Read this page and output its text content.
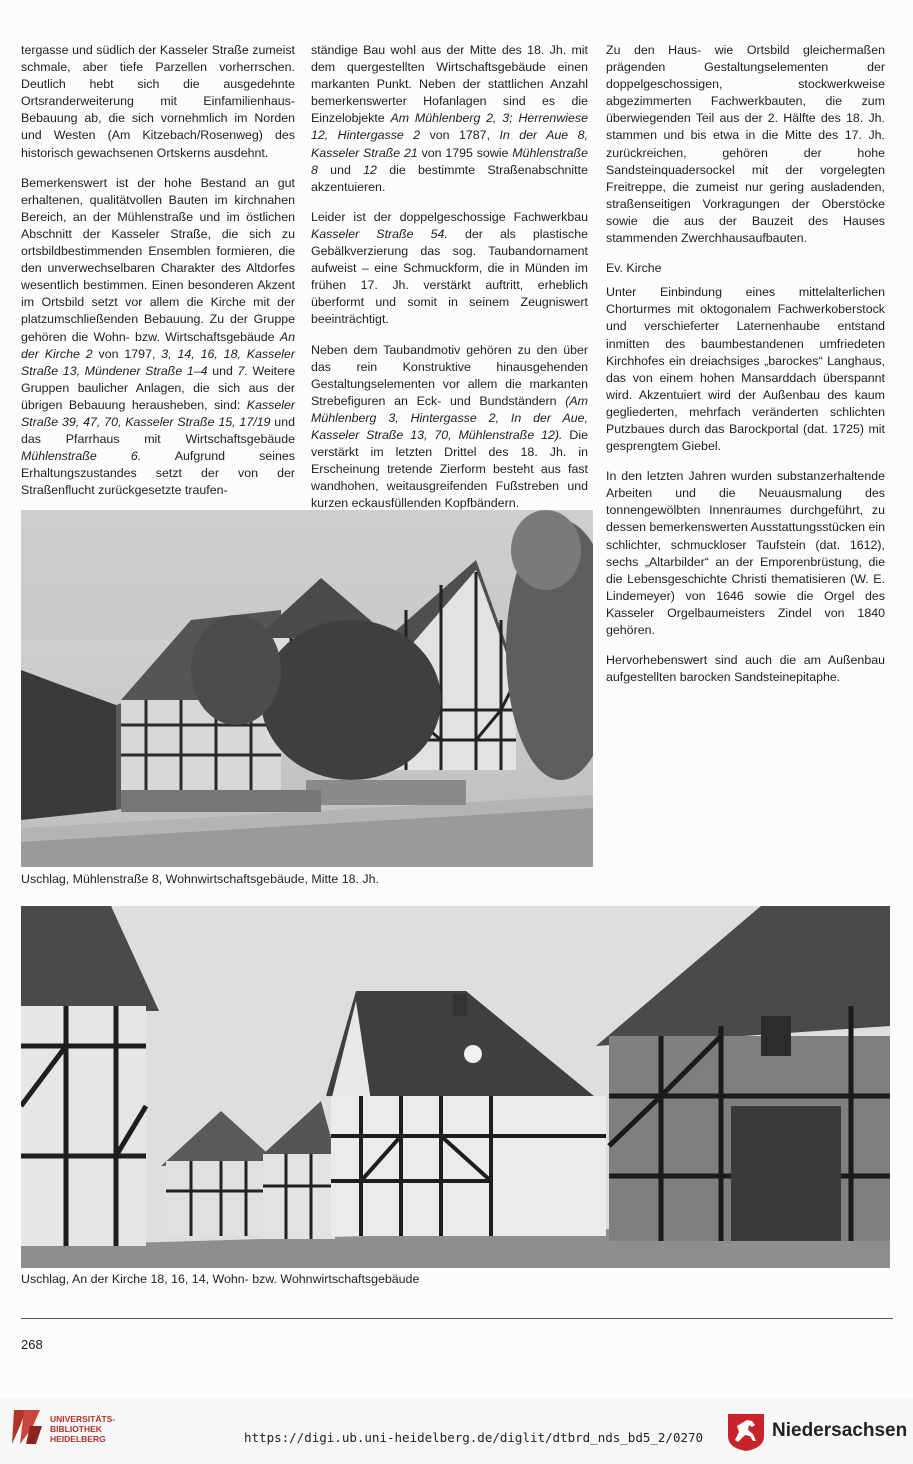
tergasse und südlich der Kasseler Straße zumeist schmale, aber tiefe Parzellen vorherrschen. Deutlich hebt sich die ausgedehnte Ortsranderweiterung mit Einfamilienhaus-Bebauung ab, die sich vornehmlich im Norden und Westen (Am Kitzebach/Rosenweg) des historisch gewachsenen Ortskerns ausdehnt.

Bemerkenswert ist der hohe Bestand an gut erhaltenen, qualitätvollen Bauten im kirchnahen Bereich, an der Mühlenstraße und im östlichen Abschnitt der Kasseler Straße, die sich zu ortsbildbestimmenden Ensemblen formieren, die den unverwechselbaren Charakter des Altdorfes wesentlich bestimmen. Einen besonderen Akzent im Ortsbild setzt vor allem die Kirche mit der platzumschließenden Bebauung. Zu der Gruppe gehören die Wohn- bzw. Wirtschaftsgebäude An der Kirche 2 von 1797, 3, 14, 16, 18, Kasseler Straße 13, Mündener Straße 1–4 und 7. Weitere Gruppen baulicher Anlagen, die sich aus der übrigen Bebauung herausheben, sind: Kasseler Straße 39, 47, 70, Kasseler Straße 15, 17/19 und das Pfarrhaus mit Wirtschaftsgebäude Mühlenstraße 6.	Aufgrund seines Erhaltungszustandes setzt der von der Straßenflucht zurückgesetzte traufen-

ständige Bau wohl aus der Mitte des 18. Jh. mit dem quergestellten Wirtschaftsgebäude einen markanten Punkt. Neben der stattlichen Anzahl bemerkenswerter Hofanlagen sind es die Einzelobjekte Am Mühlenberg 2, 3; Herrenwiese 12, Hintergasse 2 von 1787, In der Aue 8, Kasseler Straße 21 von 1795 sowie Mühlenstraße 8 und 12 die bestimmte Straßenabschnitte akzentuieren.

Leider ist der doppelgeschossige Fachwerkbau Kasseler Straße 54. der als plastische Gebälkverzierung das sog. Taubandornament aufweist – eine Schmuckform, die in Münden im frühen 17. Jh. verstärkt auftritt, erheblich überformt und somit in seinem Zeugniswert beeinträchtigt.

Neben dem Taubandmotiv gehören zu den über das rein Konstruktive hinausgehenden Gestaltungselementen vor allem die markanten Strebefiguren an Eck- und Bundständern (Am Mühlenberg 3, Hintergasse 2, In der Aue, Kasseler Straße 13, 70, Mühlenstraße 12). Die verstärkt im letzten Drittel des 18. Jh. in Erscheinung tretende Zierform besteht aus fast wandhohen, weitausgreifenden Fußstreben und kurzen eckausfüllenden Kopfbändern.

Zu den Haus- wie Ortsbild gleichermaßen prägenden Gestaltungselementen der doppelgeschossigen, stockwerkweise abgezimmerten Fachwerkbauten, die zum überwiegenden Teil aus der 2. Hälfte des 18. Jh. stammen und bis etwa in die Mitte des 17. Jh. zurückreichen, gehören der hohe Sandsteinquadersockel mit der vorgelegten Freitreppe, die zumeist nur gering ausladenden, straßenseitigen Vorkragungen der Oberstöcke sowie die aus der Bauzeit des Hauses stammenden Zwerchhausaufbauten.

Ev. Kirche

Unter Einbindung eines mittelalterlichen Chorturmes mit oktogonalem Fachwerkoberstock und verschieferter Laternenhaube entstand inmitten des baumbestandenen umfriedeten Kirchhofes ein dreiachsiges „barockes“ Langhaus, das von einem hohen Mansarddach überspannt wird. Akzentuiert wird der Außenbau des kaum gegliederten, mehrfach veränderten schlichten Putzbaues durch das Barockportal (dat. 1725) mit gesprengtem Giebel.

In den letzten Jahren wurden substanzerhaltende Arbeiten und die Neuausmalung des tonnengewölbten Innenraumes durchgeführt, zu dessen bemerkenswerten Ausstattungsstücken ein schlichter, schmuckloser Taufstein (dat. 1612), sechs „Altarbilder“ an der Emporenbrüstung, die die Lebensgeschichte Christi thematisieren (W. E. Lindemeyer) von 1646 sowie die Orgel des Kasseler Orgelbaumeisters Zindel von 1840 gehören.

Hervorhebenswert sind auch die am Außenbau aufgestellten barocken Sandsteinepitaphe.

Uschlag, Mühlenstraße 8, Wohnwirtschaftsgebäude, Mitte 18. Jh.
Uschlag, An der Kirche 18, 16, 14, Wohn- bzw. Wohnwirtschaftsgebäude
268
UNIVERSITÄTS-
BIBLIOTHEK
HEIDELBERG	https://digi.ub.uni-heidelberg.de/diglit/dtbrd_nds_bd5_2/0270	Niedersachsen
